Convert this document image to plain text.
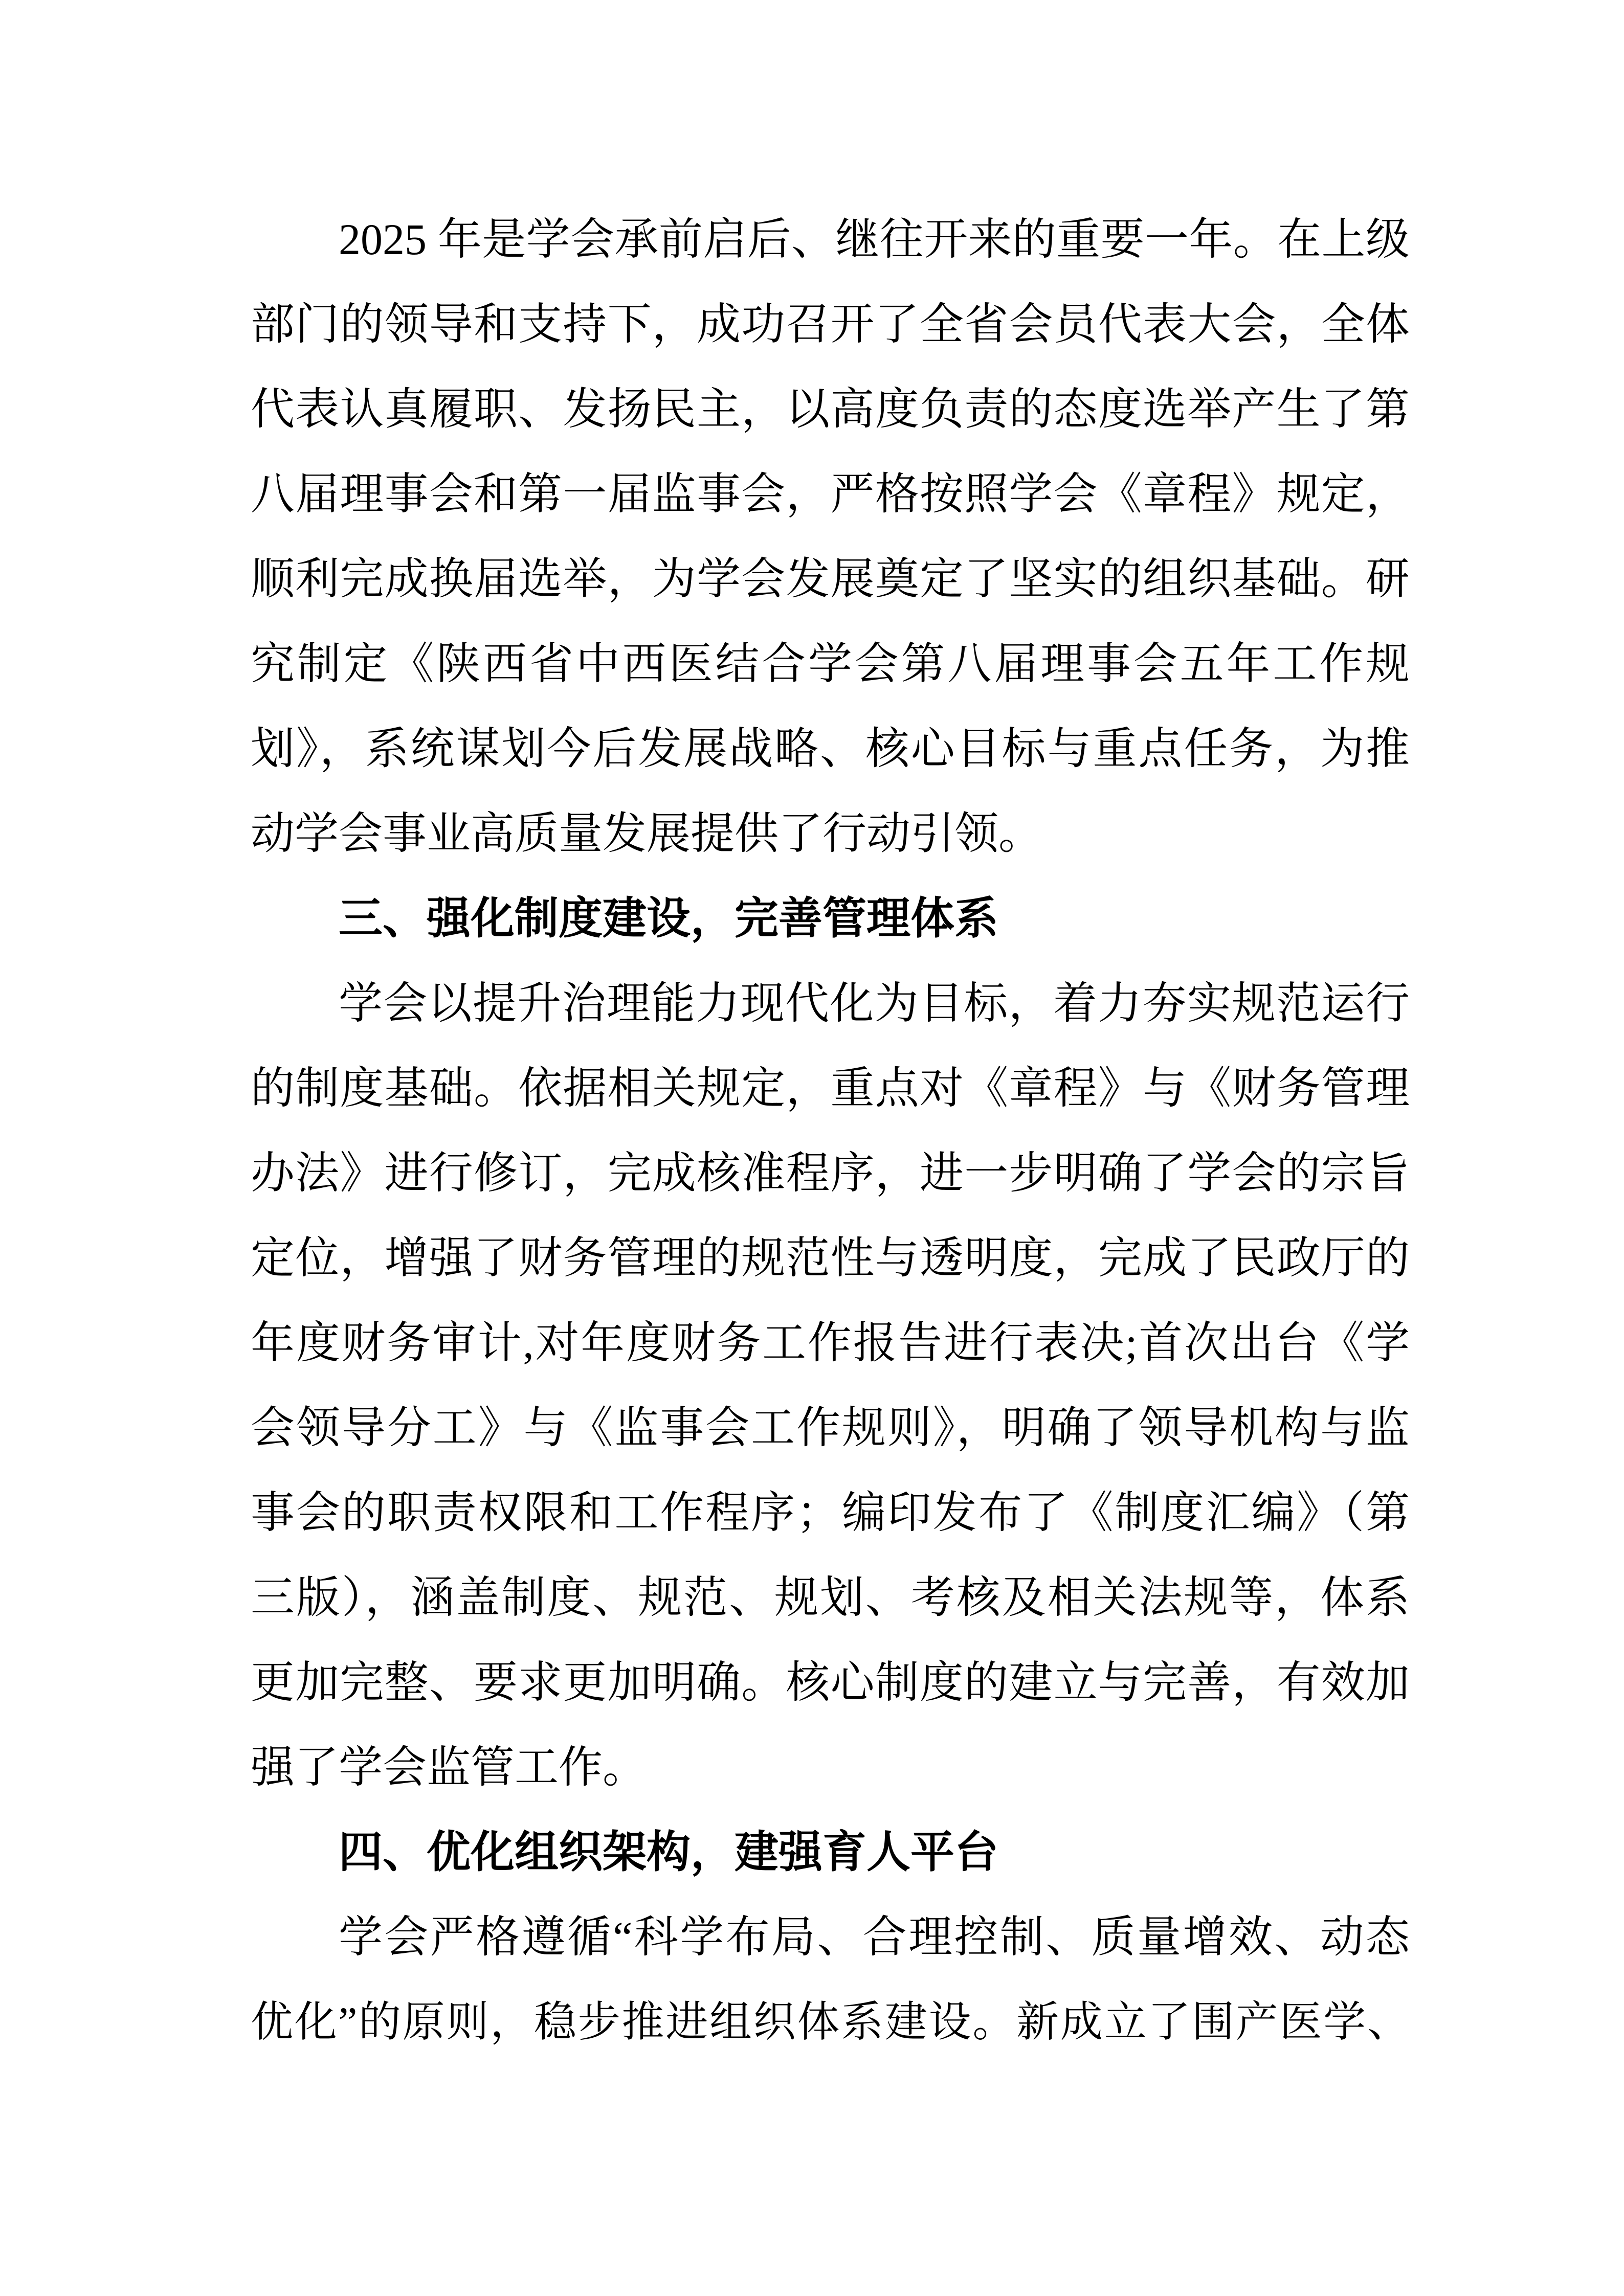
2025 年是学会承前启后、继往开来的重要一年。在上级
部门的领导和支持下，成功召开了全省会员代表大会，全体
代表认真履职、发扬民主，以高度负责的态度选举产生了第
八届理事会和第一届监事会，严格按照学会《章程》规定，
顺利完成换届选举，为学会发展奠定了坚实的组织基础。研
究制定《陕西省中西医结合学会第八届理事会五年工作规
划》，系统谋划今后发展战略、核心目标与重点任务，为推
动学会事业高质量发展提供了行动引领。
三、强化制度建设，完善管理体系
学会以提升治理能力现代化为目标，着力夯实规范运行
的制度基础。依据相关规定，重点对《章程》与《财务管理
办法》进行修订，完成核准程序，进一步明确了学会的宗旨
定位，增强了财务管理的规范性与透明度，完成了民政厅的
年度财务审计,对年度财务工作报告进行表决;首次出台《学
会领导分工》与《监事会工作规则》，明确了领导机构与监
事会的职责权限和工作程序；编印发布了《制度汇编》（第
三版），涵盖制度、规范、规划、考核及相关法规等，体系
更加完整、要求更加明确。核心制度的建立与完善，有效加
强了学会监管工作。
四、优化组织架构，建强育人平台
学会严格遵循“科学布局、合理控制、质量增效、动态
优化”的原则，稳步推进组织体系建设。新成立了围产医学、
